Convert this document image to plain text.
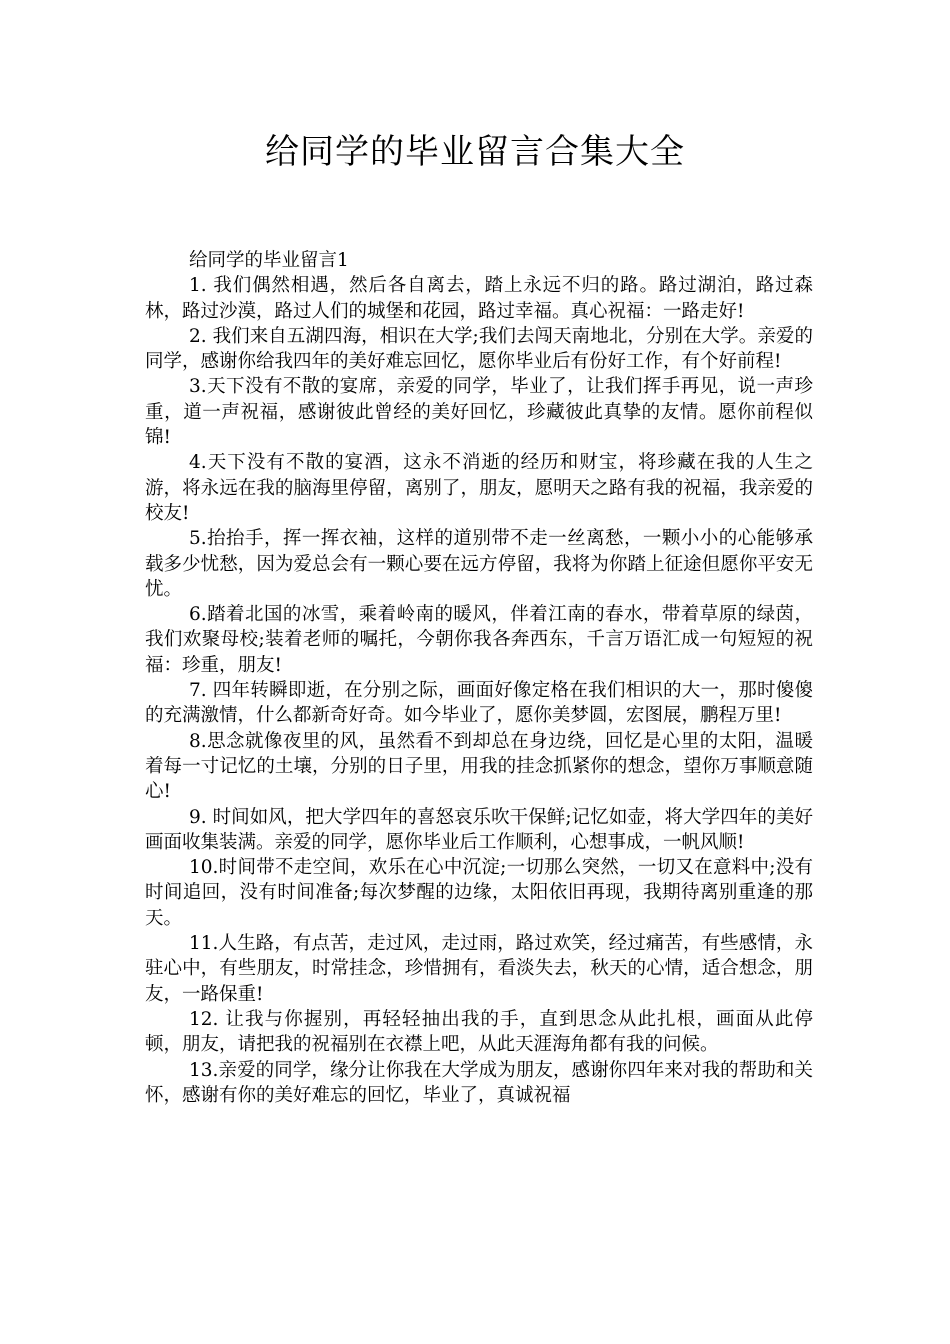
给同学的毕业留言合集大全

给同学的毕业留言1

1. 我们偶然相遇，然后各自离去，踏上永远不归的路。路过湖泊，路过森林，路过沙漠，路过人们的城堡和花园，路过幸福。真心祝福：一路走好!

2. 我们来自五湖四海，相识在大学;我们去闯天南地北，分别在大学。亲爱的同学，感谢你给我四年的美好难忘回忆，愿你毕业后有份好工作，有个好前程!

3.天下没有不散的宴席，亲爱的同学，毕业了，让我们挥手再见，说一声珍重，道一声祝福，感谢彼此曾经的美好回忆，珍藏彼此真挚的友情。愿你前程似锦!

4.天下没有不散的宴酒，这永不消逝的经历和财宝，将珍藏在我的人生之游，将永远在我的脑海里停留，离别了，朋友，愿明天之路有我的祝福，我亲爱的校友!

5.抬抬手，挥一挥衣袖，这样的道别带不走一丝离愁，一颗小小的心能够承载多少忧愁，因为爱总会有一颗心要在远方停留，我将为你踏上征途但愿你平安无忧。

6.踏着北国的冰雪，乘着岭南的暖风，伴着江南的春水，带着草原的绿茵，我们欢聚母校;装着老师的嘱托，今朝你我各奔西东，千言万语汇成一句短短的祝福：珍重，朋友!

7. 四年转瞬即逝，在分别之际，画面好像定格在我们相识的大一，那时傻傻的充满激情，什么都新奇好奇。如今毕业了，愿你美梦圆，宏图展，鹏程万里!

8.思念就像夜里的风，虽然看不到却总在身边绕，回忆是心里的太阳，温暖着每一寸记忆的土壤，分别的日子里，用我的挂念抓紧你的想念，望你万事顺意随心!

9. 时间如风，把大学四年的喜怒哀乐吹干保鲜;记忆如壶，将大学四年的美好画面收集装满。亲爱的同学，愿你毕业后工作顺利，心想事成，一帆风顺!

10.时间带不走空间，欢乐在心中沉淀;一切那么突然，一切又在意料中;没有时间追回，没有时间准备;每次梦醒的边缘，太阳依旧再现，我期待离别重逢的那天。

11.人生路，有点苦，走过风，走过雨，路过欢笑，经过痛苦，有些感情，永驻心中，有些朋友，时常挂念，珍惜拥有，看淡失去，秋天的心情，适合想念，朋友，一路保重!

12. 让我与你握别，再轻轻抽出我的手，直到思念从此扎根，画面从此停顿，朋友，请把我的祝福别在衣襟上吧，从此天涯海角都有我的问候。

13.亲爱的同学，缘分让你我在大学成为朋友，感谢你四年来对我的帮助和关怀，感谢有你的美好难忘的回忆，毕业了，真诚祝福
